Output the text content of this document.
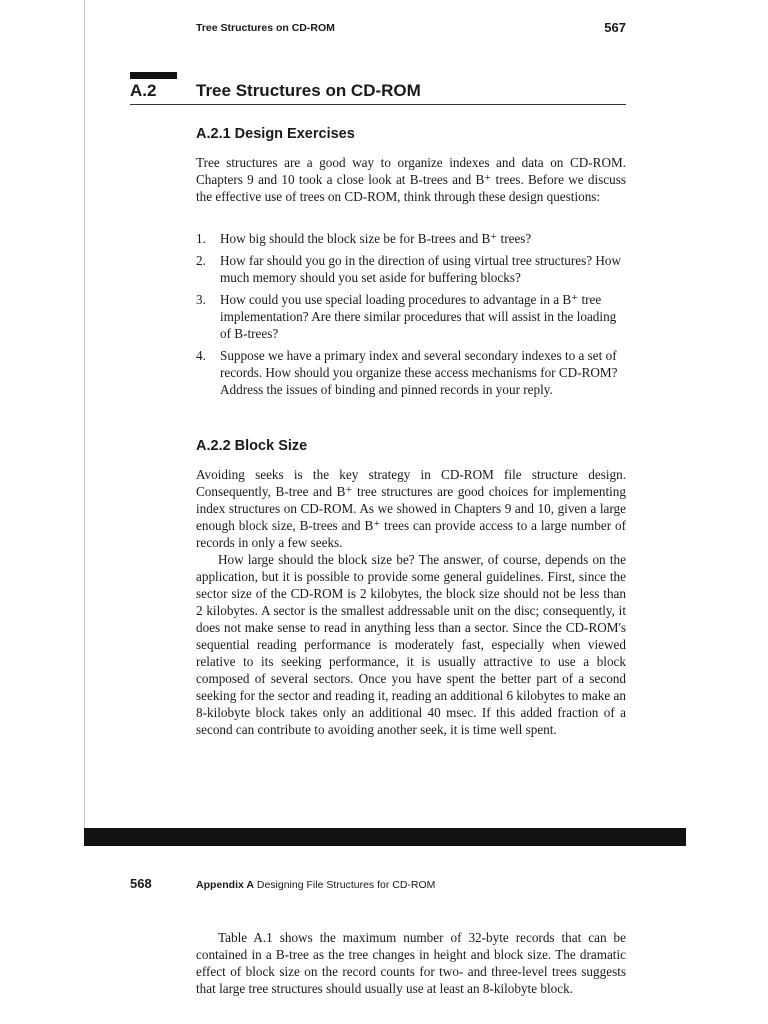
Tree Structures on CD-ROM	567
A.2 Tree Structures on CD-ROM
A.2.1 Design Exercises

Tree structures are a good way to organize indexes and data on CD-ROM. Chapters 9 and 10 took a close look at B-trees and B⁺ trees. Before we discuss the effective use of trees on CD-ROM, think through these design questions:

1. How big should the block size be for B-trees and B⁺ trees?
2. How far should you go in the direction of using virtual tree structures? How much memory should you set aside for buffering blocks?
3. How could you use special loading procedures to advantage in a B⁺ tree implementation? Are there similar procedures that will assist in the loading of B-trees?
4. Suppose we have a primary index and several secondary indexes to a set of records. How should you organize these access mechanisms for CD-ROM? Address the issues of binding and pinned records in your reply.
A.2.2 Block Size

Avoiding seeks is the key strategy in CD-ROM file structure design. Consequently, B-tree and B⁺ tree structures are good choices for implementing index structures on CD-ROM. As we showed in Chapters 9 and 10, given a large enough block size, B-trees and B⁺ trees can provide access to a large number of records in only a few seeks.

How large should the block size be? The answer, of course, depends on the application, but it is possible to provide some general guidelines. First, since the sector size of the CD-ROM is 2 kilobytes, the block size should not be less than 2 kilobytes. A sector is the smallest addressable unit on the disc; consequently, it does not make sense to read in anything less than a sector. Since the CD-ROM's sequential reading performance is moderately fast, especially when viewed relative to its seeking performance, it is usually attractive to use a block composed of several sectors. Once you have spent the better part of a second seeking for the sector and reading it, reading an additional 6 kilobytes to make an 8-kilobyte block takes only an additional 40 msec. If this added fraction of a second can contribute to avoiding another seek, it is time well spent.

568	Appendix A Designing File Structures for CD-ROM

Table A.1 shows the maximum number of 32-byte records that can be contained in a B-tree as the tree changes in height and block size. The dramatic effect of block size on the record counts for two- and three-level trees suggests that large tree structures should usually use at least an 8-kilobyte block.
